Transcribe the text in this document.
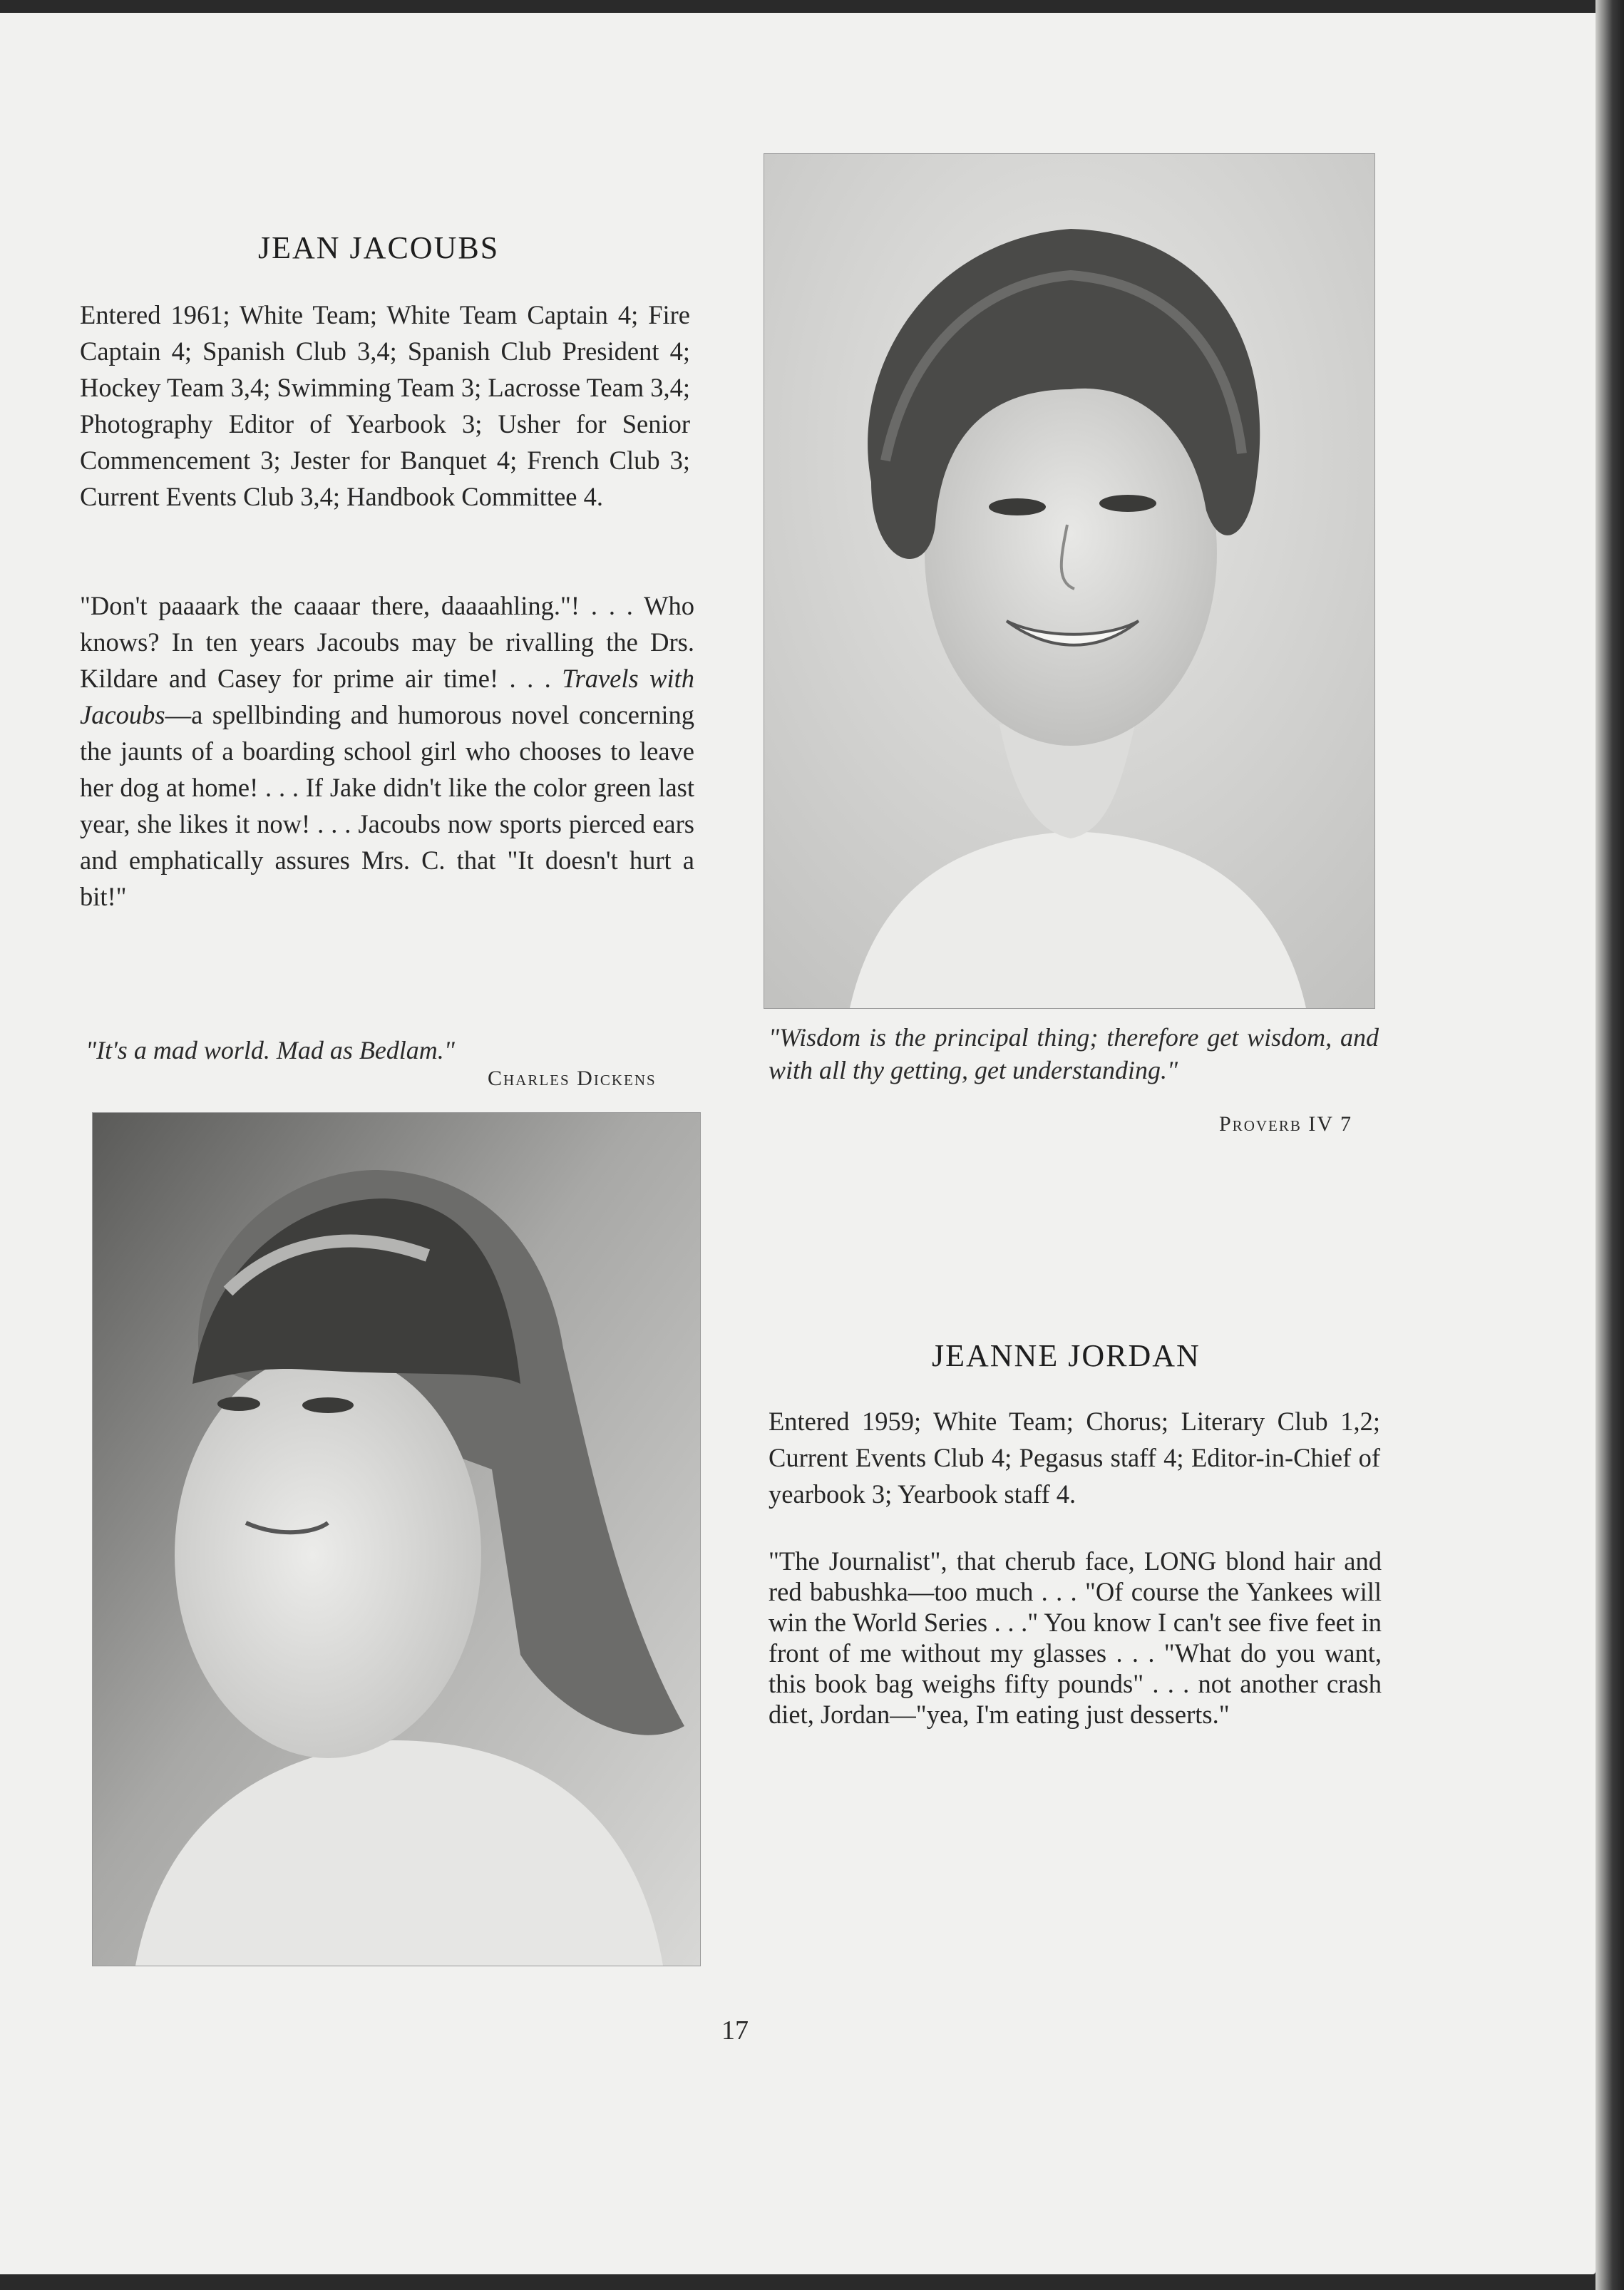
JEAN JACOUBS

Entered 1961; White Team; White Team Captain 4; Fire Captain 4; Spanish Club 3,4; Spanish Club President 4; Hockey Team 3,4; Swimming Team 3; Lacrosse Team 3,4; Photography Editor of Yearbook 3; Usher for Senior Commencement 3; Jester for Banquet 4; French Club 3; Current Events Club 3,4; Handbook Committee 4.

"Don't paaaark the caaaar there, daaaahling."! . . . Who knows? In ten years Jacoubs may be rivalling the Drs. Kildare and Casey for prime air time! . . . Travels with Jacoubs—a spellbinding and humorous novel concerning the jaunts of a boarding school girl who chooses to leave her dog at home! . . . If Jake didn't like the color green last year, she likes it now! . . . Jacoubs now sports pierced ears and emphatically assures Mrs. C. that "It doesn't hurt a bit!"

"It's a mad world. Mad as Bedlam."
Charles Dickens
"Wisdom is the principal thing; therefore get wisdom, and with all thy getting, get understanding."
Proverb IV 7
JEANNE JORDAN

Entered 1959; White Team; Chorus; Literary Club 1,2; Current Events Club 4; Pegasus staff 4; Editor-in-Chief of yearbook 3; Yearbook staff 4.

"The Journalist", that cherub face, LONG blond hair and red babushka—too much . . . "Of course the Yankees will win the World Series . . ." You know I can't see five feet in front of me without my glasses . . . "What do you want, this book bag weighs fifty pounds" . . . not another crash diet, Jordan—"yea, I'm eating just desserts."

17
